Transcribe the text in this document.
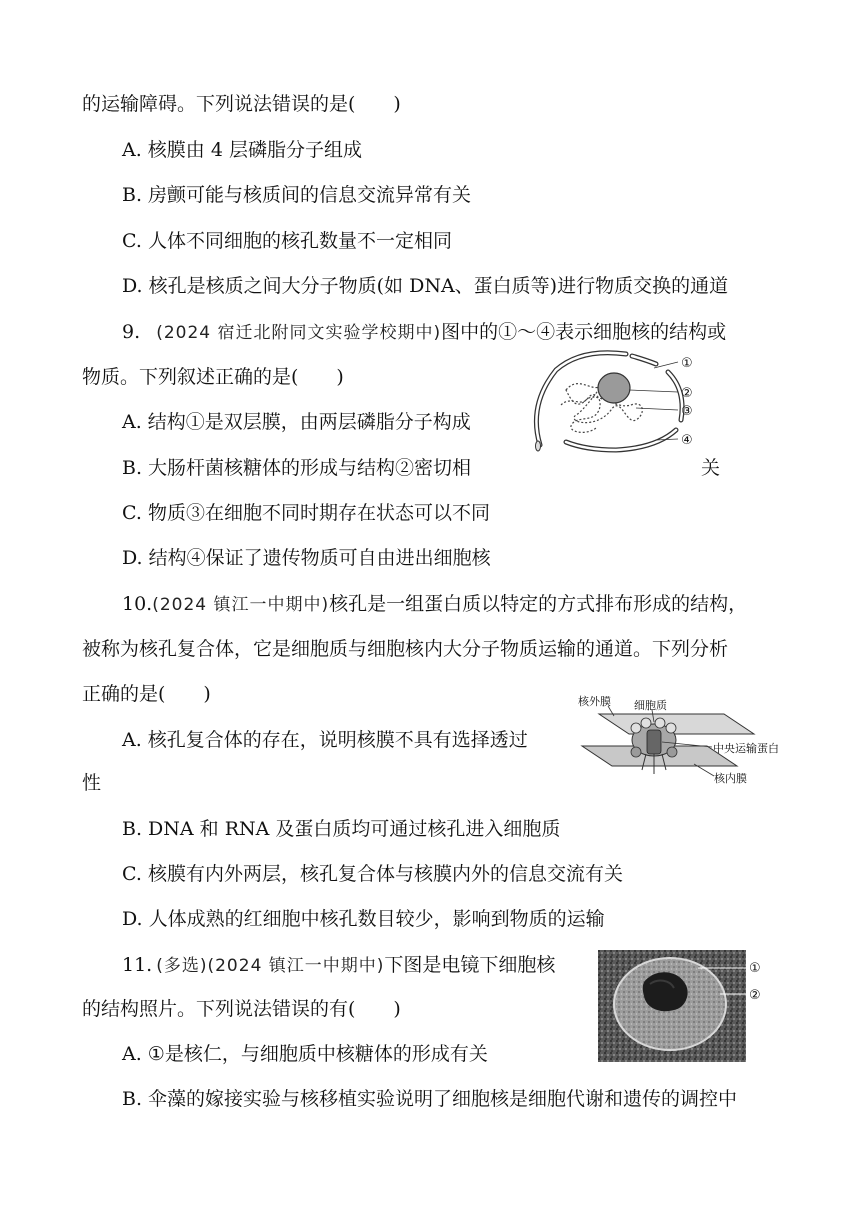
的运输障碍。下列说法错误的是(　　)
A. 核膜由 4 层磷脂分子组成
B. 房颤可能与核质间的信息交流异常有关
C. 人体不同细胞的核孔数量不一定相同
D. 核孔是核质之间大分子物质(如 DNA、蛋白质等)进行物质交换的通道
9. (2024 宿迁北附同文实验学校期中)图中的①～④表示细胞核的结构或
物质。下列叙述正确的是(　　)
A. 结构①是双层膜，由两层磷脂分子构成
B. 大肠杆菌核糖体的形成与结构②密切相	关
C. 物质③在细胞不同时期存在状态可以不同
D. 结构④保证了遗传物质可自由进出细胞核
①
②
③
④
10.(2024 镇江一中期中)核孔是一组蛋白质以特定的方式排布形成的结构，
被称为核孔复合体，它是细胞质与细胞核内大分子物质运输的通道。下列分析
正确的是(　　)
A. 核孔复合体的存在，说明核膜不具有选择透过
性
B. DNA 和 RNA 及蛋白质均可通过核孔进入细胞质
C. 核膜有内外两层，核孔复合体与核膜内外的信息交流有关
D. 人体成熟的红细胞中核孔数目较少，影响到物质的运输
核外膜 细胞质
中央运输蛋白
核内膜
11. (多选)(2024 镇江一中期中)下图是电镜下细胞核
的结构照片。下列说法错误的有(　　)
A. ①是核仁，与细胞质中核糖体的形成有关
B. 伞藻的嫁接实验与核移植实验说明了细胞核是细胞代谢和遗传的调控中
①
②
